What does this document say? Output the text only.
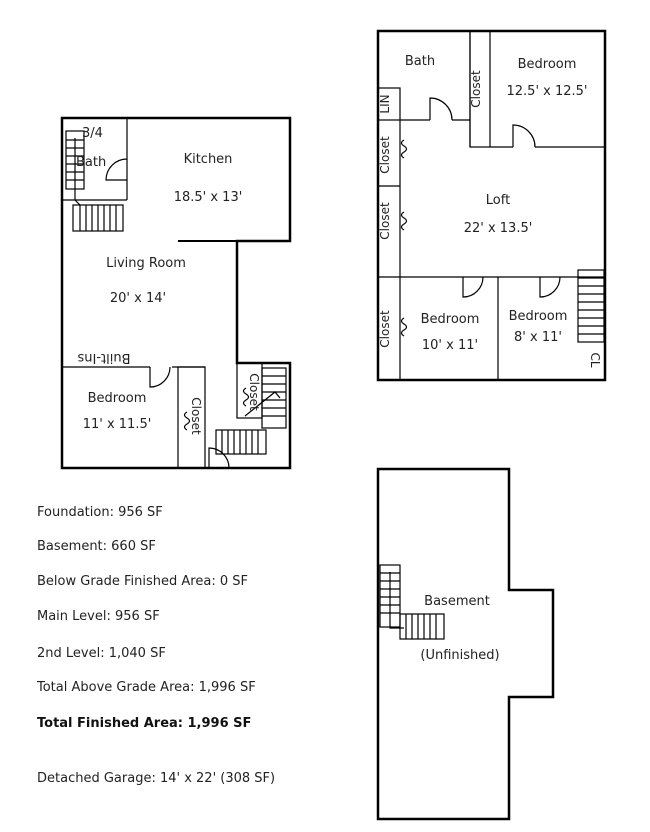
3/4
Bath	Kitchen
18.5' x 13'
Living Room
20' x 14'
Built-Ins
Bedroom
11' x 11.5'	Closet
Closet
Bath
LIN	Closet
Closet
Closet
Closet
Bedroom
12.5' x 12.5'
Loft
22' x 13.5'
Bedroom
10' x 11'
Bedroom
8' x 11'
CL
Basement
(Unfinished)
Foundation: 956 SF
Basement: 660 SF
Below Grade Finished Area: 0 SF
Main Level: 956 SF
2nd Level: 1,040 SF
Total Above Grade Area: 1,996 SF
Total Finished Area: 1,996 SF
Detached Garage: 14' x 22' (308 SF)
